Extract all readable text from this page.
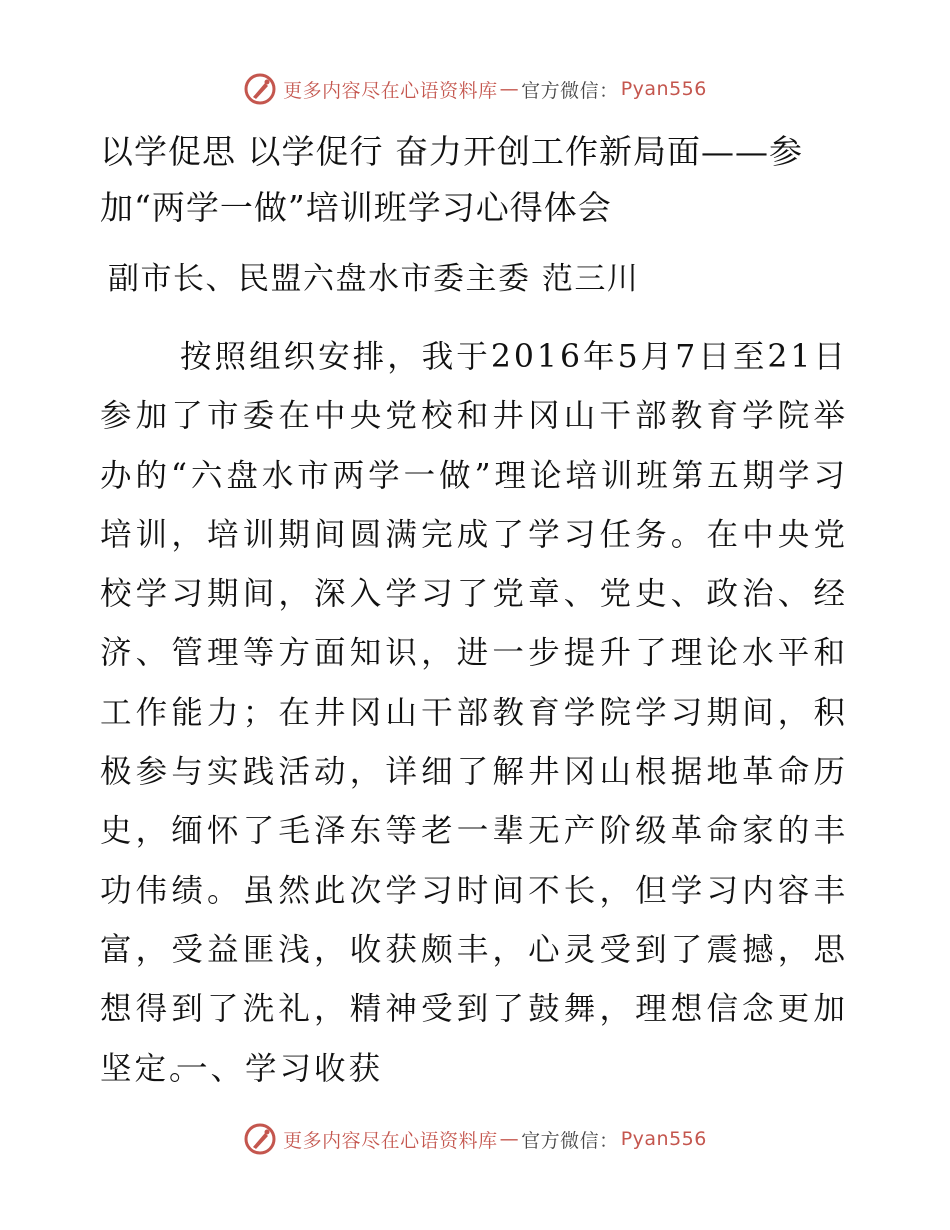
更多内容尽在心语资料库 — 官方微信： Pyan556
以学促思 以学促行 奋力开创工作新局面——参加“两学一做”培训班学习心得体会

副市长、民盟六盘水市委主委 范三川

按照组织安排，我于2016年5月7日至21日参加了市委在中央党校和井冈山干部教育学院举办的“六盘水市两学一做”理论培训班第五期学习培训，培训期间圆满完成了学习任务。在中央党校学习期间，深入学习了党章、党史、政治、经济、管理等方面知识，进一步提升了理论水平和工作能力；在井冈山干部教育学院学习期间，积极参与实践活动，详细了解井冈山根据地革命历史，缅怀了毛泽东等老一辈无产阶级革命家的丰功伟绩。虽然此次学习时间不长，但学习内容丰富，受益匪浅，收获颇丰，心灵受到了震撼，思想得到了洗礼，精神受到了鼓舞，理想信念更加坚定。

一、学习收获

更多内容尽在心语资料库 — 官方微信： Pyan556
